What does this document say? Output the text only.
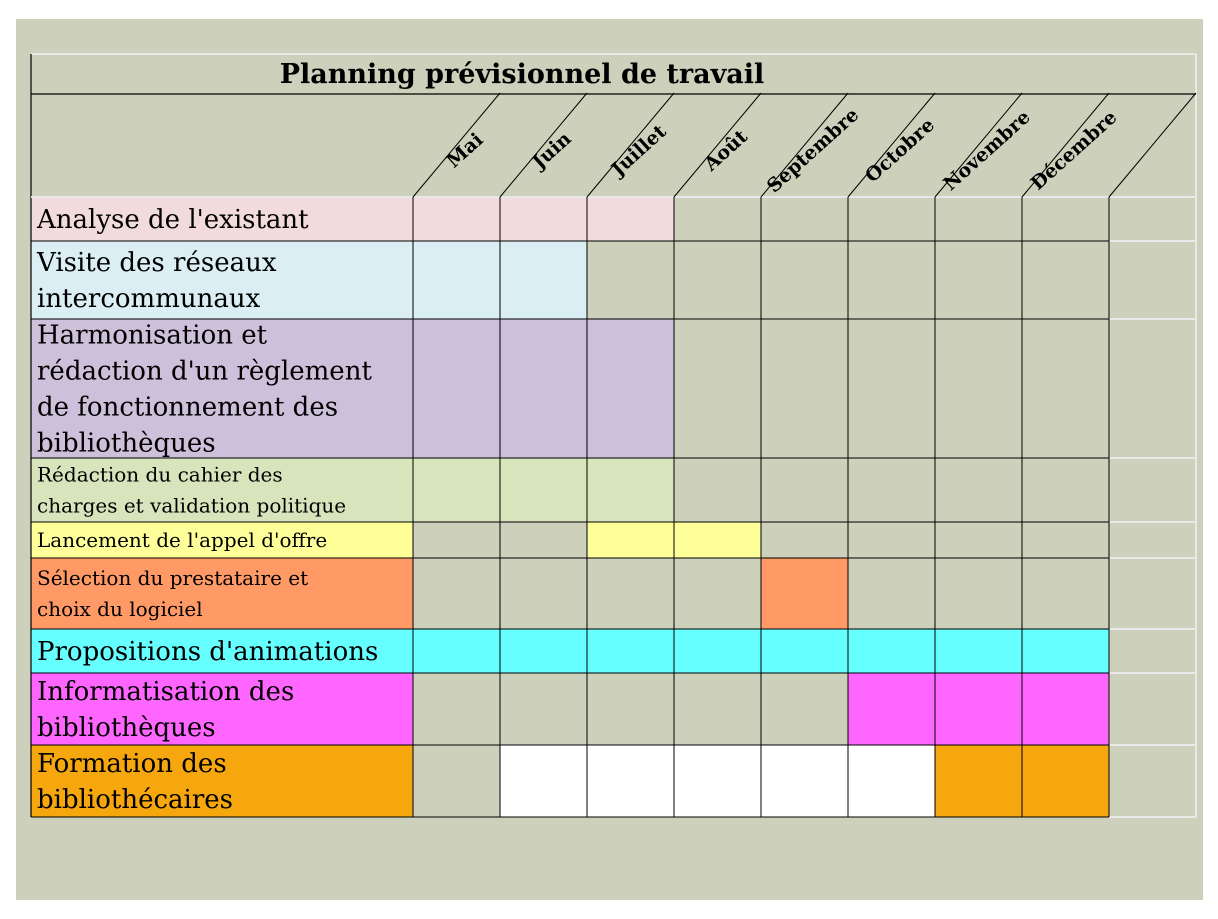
Planning prévisionnel de travail
Mai Juin Juillet Août Septembre
Octobre Novembre
Décembre
Analyse de l'existant
Visite des réseaux intercommunaux
Harmonisation et rédaction d'un règlement de fonctionnement des bibliothèques
Rédaction du cahier des charges et validation politique
Lancement de l'appel d'offre
Sélection du prestataire et choix du logiciel
Propositions d'animations
Informatisation des bibliothèques
Formation des bibliothécaires
